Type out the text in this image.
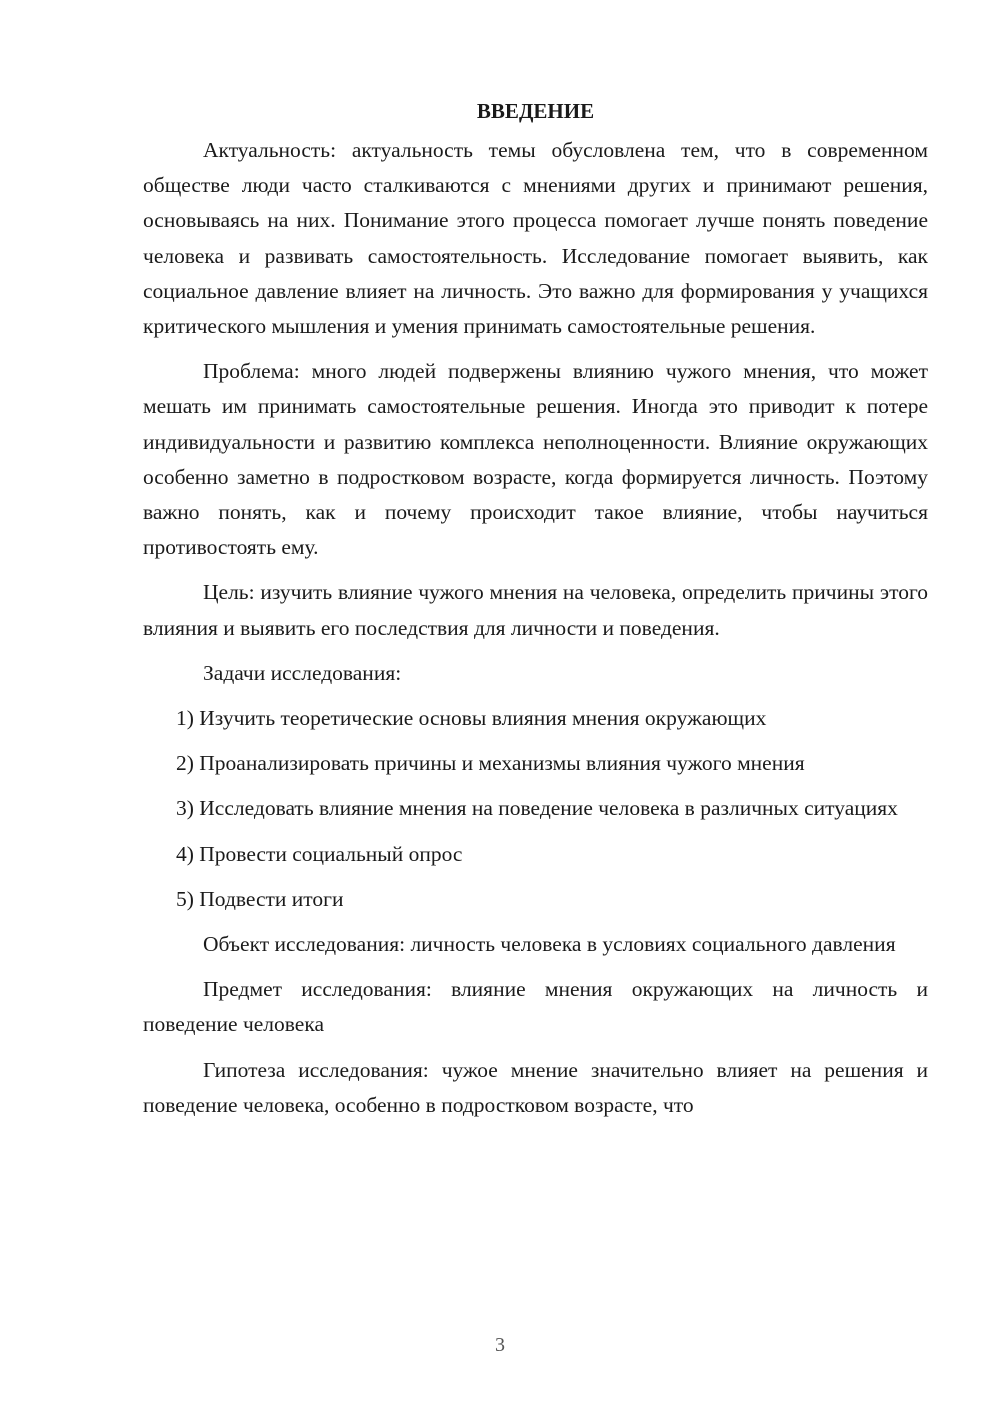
ВВЕДЕНИЕ

Актуальность: актуальность темы обусловлена тем, что в современном обществе люди часто сталкиваются с мнениями других и принимают решения, основываясь на них. Понимание этого процесса помогает лучше понять поведение человека и развивать самостоятельность. Исследование помогает выявить, как социальное давление влияет на личность. Это важно для формирования у учащихся критического мышления и умения принимать самостоятельные решения.

Проблема: много людей подвержены влиянию чужого мнения, что может мешать им принимать самостоятельные решения. Иногда это приводит к потере индивидуальности и развитию комплекса неполноценности. Влияние окружающих особенно заметно в подростковом возрасте, когда формируется личность. Поэтому важно понять, как и почему происходит такое влияние, чтобы научиться противостоять ему.

Цель: изучить влияние чужого мнения на человека, определить причины этого влияния и выявить его последствия для личности и поведения.

Задачи исследования:

1) Изучить теоретические основы влияния мнения окружающих

2) Проанализировать причины и механизмы влияния чужого мнения

3) Исследовать влияние мнения на поведение человека в различных ситуациях

4) Провести социальный опрос

5) Подвести итоги

Объект исследования: личность человека в условиях социального давления

Предмет исследования: влияние мнения окружающих на личность и поведение человека

Гипотеза исследования: чужое мнение значительно влияет на решения и поведение человека, особенно в подростковом возрасте, что

3
